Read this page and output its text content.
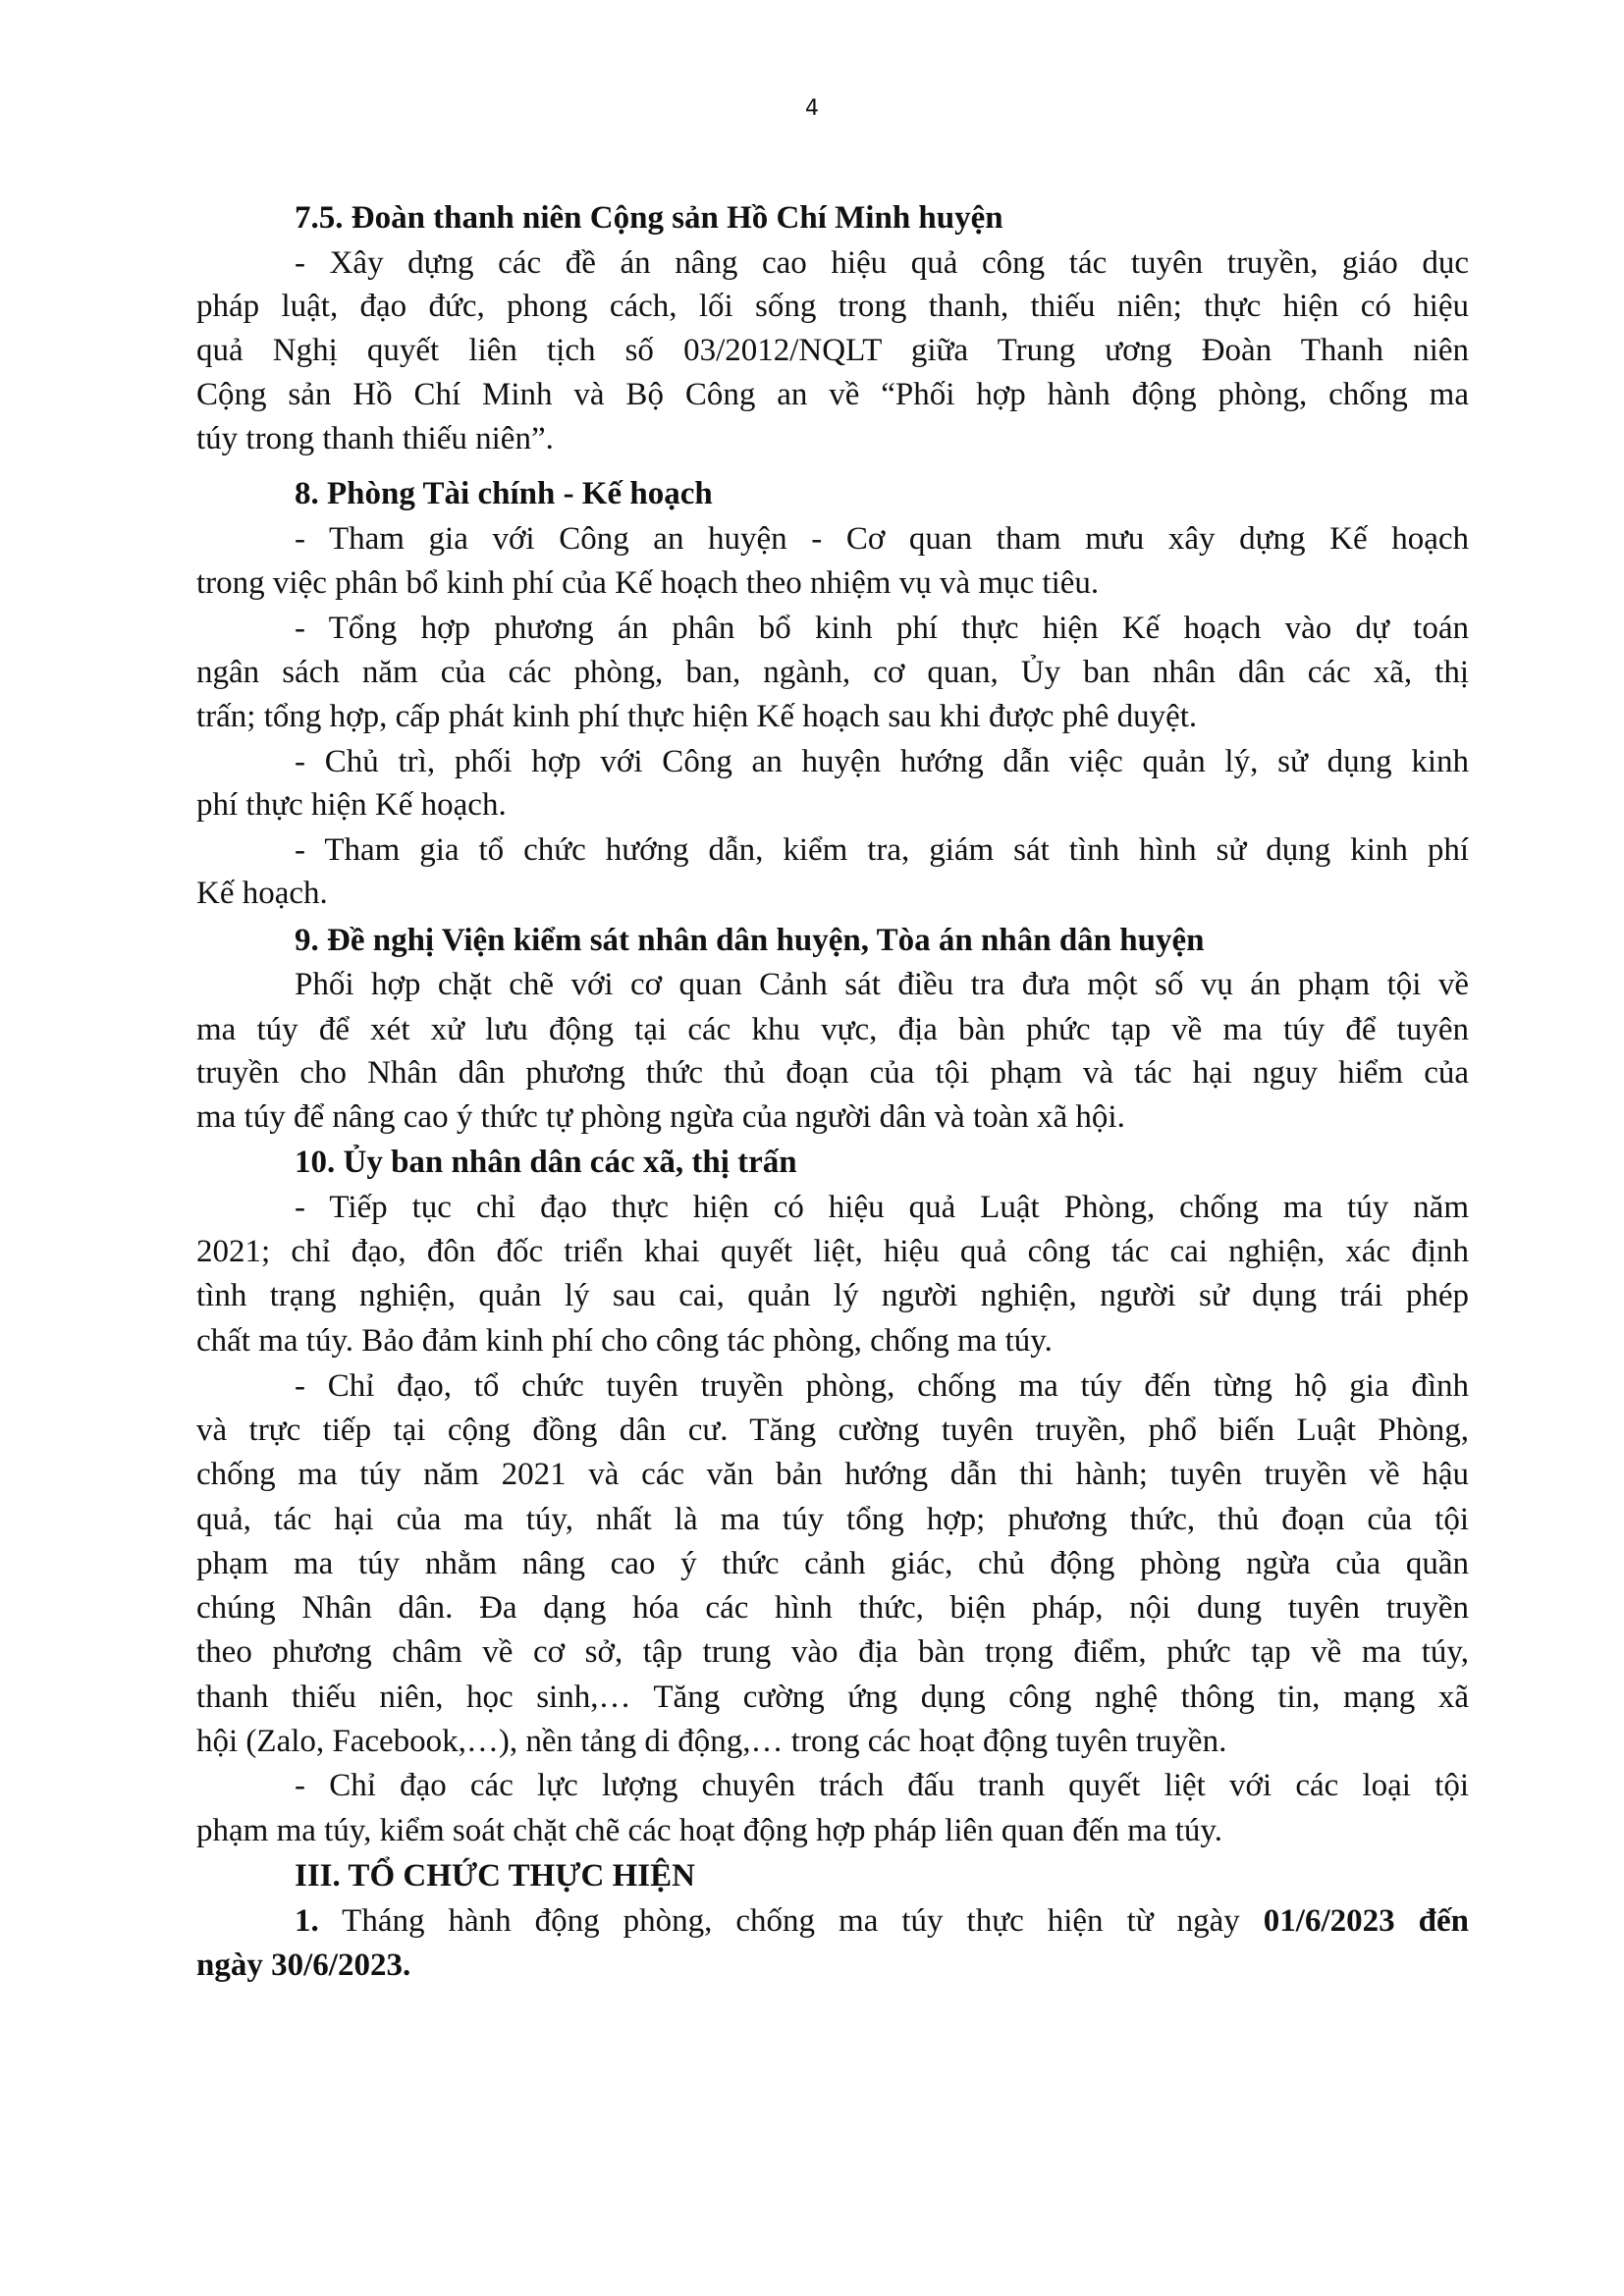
4
7.5. Đoàn thanh niên Cộng sản Hồ Chí Minh huyện
- Xây dựng các đề án nâng cao hiệu quả công tác tuyên truyền, giáo dục
pháp luật, đạo đức, phong cách, lối sống trong thanh, thiếu niên; thực hiện có hiệu
quả Nghị quyết liên tịch số 03/2012/NQLT giữa Trung ương Đoàn Thanh niên
Cộng sản Hồ Chí Minh và Bộ Công an về “Phối hợp hành động phòng, chống ma
túy trong thanh thiếu niên”.
8. Phòng Tài chính - Kế hoạch
- Tham gia với Công an huyện - Cơ quan tham mưu xây dựng Kế hoạch
trong việc phân bổ kinh phí của Kế hoạch theo nhiệm vụ và mục tiêu.
- Tổng hợp phương án phân bổ kinh phí thực hiện Kế hoạch vào dự toán
ngân sách năm của các phòng, ban, ngành, cơ quan, Ủy ban nhân dân các xã, thị
trấn; tổng hợp, cấp phát kinh phí thực hiện Kế hoạch sau khi được phê duyệt.
- Chủ trì, phối hợp với Công an huyện hướng dẫn việc quản lý, sử dụng kinh
phí thực hiện Kế hoạch.
- Tham gia tổ chức hướng dẫn, kiểm tra, giám sát tình hình sử dụng kinh phí
Kế hoạch.
9. Đề nghị Viện kiểm sát nhân dân huyện, Tòa án nhân dân huyện
Phối hợp chặt chẽ với cơ quan Cảnh sát điều tra đưa một số vụ án phạm tội về
ma túy để xét xử lưu động tại các khu vực, địa bàn phức tạp về ma túy để tuyên
truyền cho Nhân dân phương thức thủ đoạn của tội phạm và tác hại nguy hiểm của
ma túy để nâng cao ý thức tự phòng ngừa của người dân và toàn xã hội.
10. Ủy ban nhân dân các xã, thị trấn
- Tiếp tục chỉ đạo thực hiện có hiệu quả Luật Phòng, chống ma túy năm
2021; chỉ đạo, đôn đốc triển khai quyết liệt, hiệu quả công tác cai nghiện, xác định
tình trạng nghiện, quản lý sau cai, quản lý người nghiện, người sử dụng trái phép
chất ma túy. Bảo đảm kinh phí cho công tác phòng, chống ma túy.
- Chỉ đạo, tổ chức tuyên truyền phòng, chống ma túy đến từng hộ gia đình
và trực tiếp tại cộng đồng dân cư. Tăng cường tuyên truyền, phổ biến Luật Phòng,
chống ma túy năm 2021 và các văn bản hướng dẫn thi hành; tuyên truyền về hậu
quả, tác hại của ma túy, nhất là ma túy tổng hợp; phương thức, thủ đoạn của tội
phạm ma túy nhằm nâng cao ý thức cảnh giác, chủ động phòng ngừa của quần
chúng Nhân dân. Đa dạng hóa các hình thức, biện pháp, nội dung tuyên truyền
theo phương châm về cơ sở, tập trung vào địa bàn trọng điểm, phức tạp về ma túy,
thanh thiếu niên, học sinh,… Tăng cường ứng dụng công nghệ thông tin, mạng xã
hội (Zalo, Facebook,…), nền tảng di động,… trong các hoạt động tuyên truyền.
- Chỉ đạo các lực lượng chuyên trách đấu tranh quyết liệt với các loại tội
phạm ma túy, kiểm soát chặt chẽ các hoạt động hợp pháp liên quan đến ma túy.
III. TỔ CHỨC THỰC HIỆN
1. Tháng hành động phòng, chống ma túy thực hiện từ ngày 01/6/2023 đến
ngày 30/6/2023.
